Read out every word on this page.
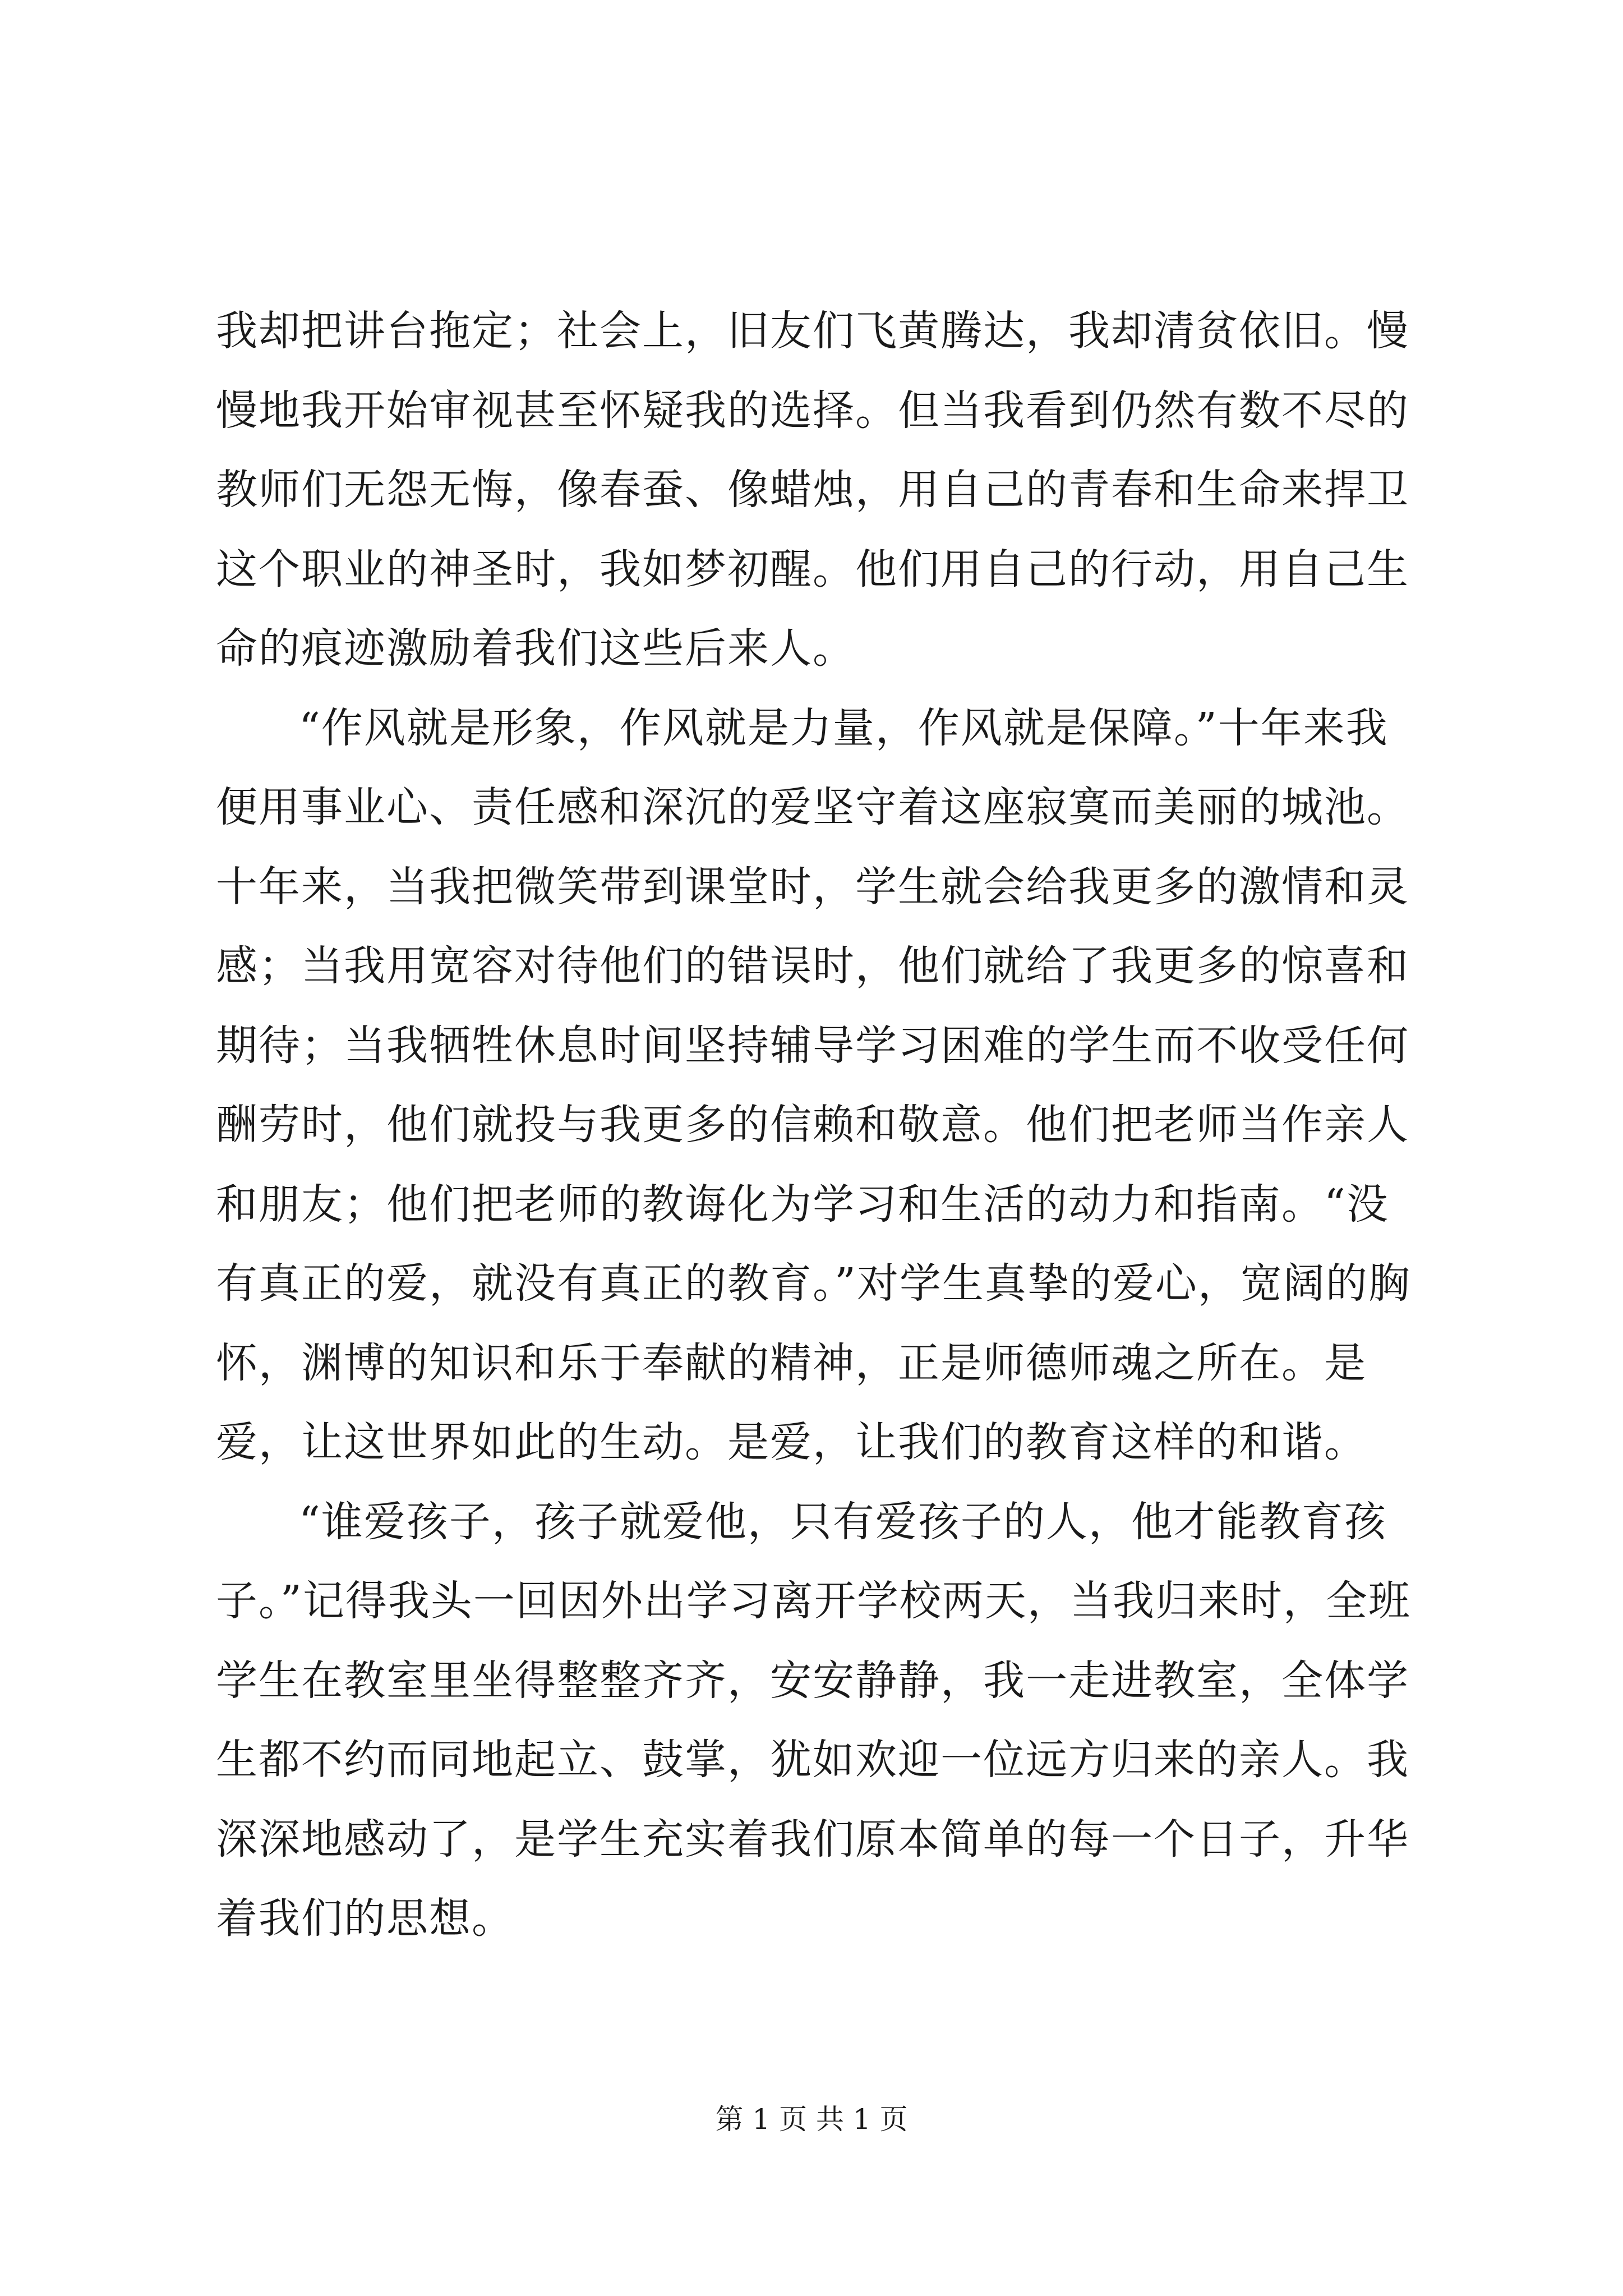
我却把讲台拖定；社会上，旧友们飞黄腾达，我却清贫依旧。慢慢地我开始审视甚至怀疑我的选择。但当我看到仍然有数不尽的教师们无怨无悔，像春蚕、像蜡烛，用自己的青春和生命来捍卫这个职业的神圣时，我如梦初醒。他们用自己的行动，用自己生命的痕迹激励着我们这些后来人。

“作风就是形象，作风就是力量，作风就是保障。”十年来我便用事业心、责任感和深沉的爱坚守着这座寂寞而美丽的城池。十年来，当我把微笑带到课堂时，学生就会给我更多的激情和灵感；当我用宽容对待他们的错误时，他们就给了我更多的惊喜和期待；当我牺牲休息时间坚持辅导学习困难的学生而不收受任何酬劳时，他们就投与我更多的信赖和敬意。他们把老师当作亲人和朋友；他们把老师的教诲化为学习和生活的动力和指南。“没有真正的爱，就没有真正的教育。”对学生真挚的爱心，宽阔的胸怀，渊博的知识和乐于奉献的精神，正是师德师魂之所在。是爱，让这世界如此的生动。是爱，让我们的教育这样的和谐。

“谁爱孩子，孩子就爱他，只有爱孩子的人，他才能教育孩子。”记得我头一回因外出学习离开学校两天，当我归来时，全班学生在教室里坐得整整齐齐，安安静静，我一走进教室，全体学生都不约而同地起立、鼓掌，犹如欢迎一位远方归来的亲人。我深深地感动了，是学生充实着我们原本简单的每一个日子，升华着我们的思想。

第 1 页 共 1 页
